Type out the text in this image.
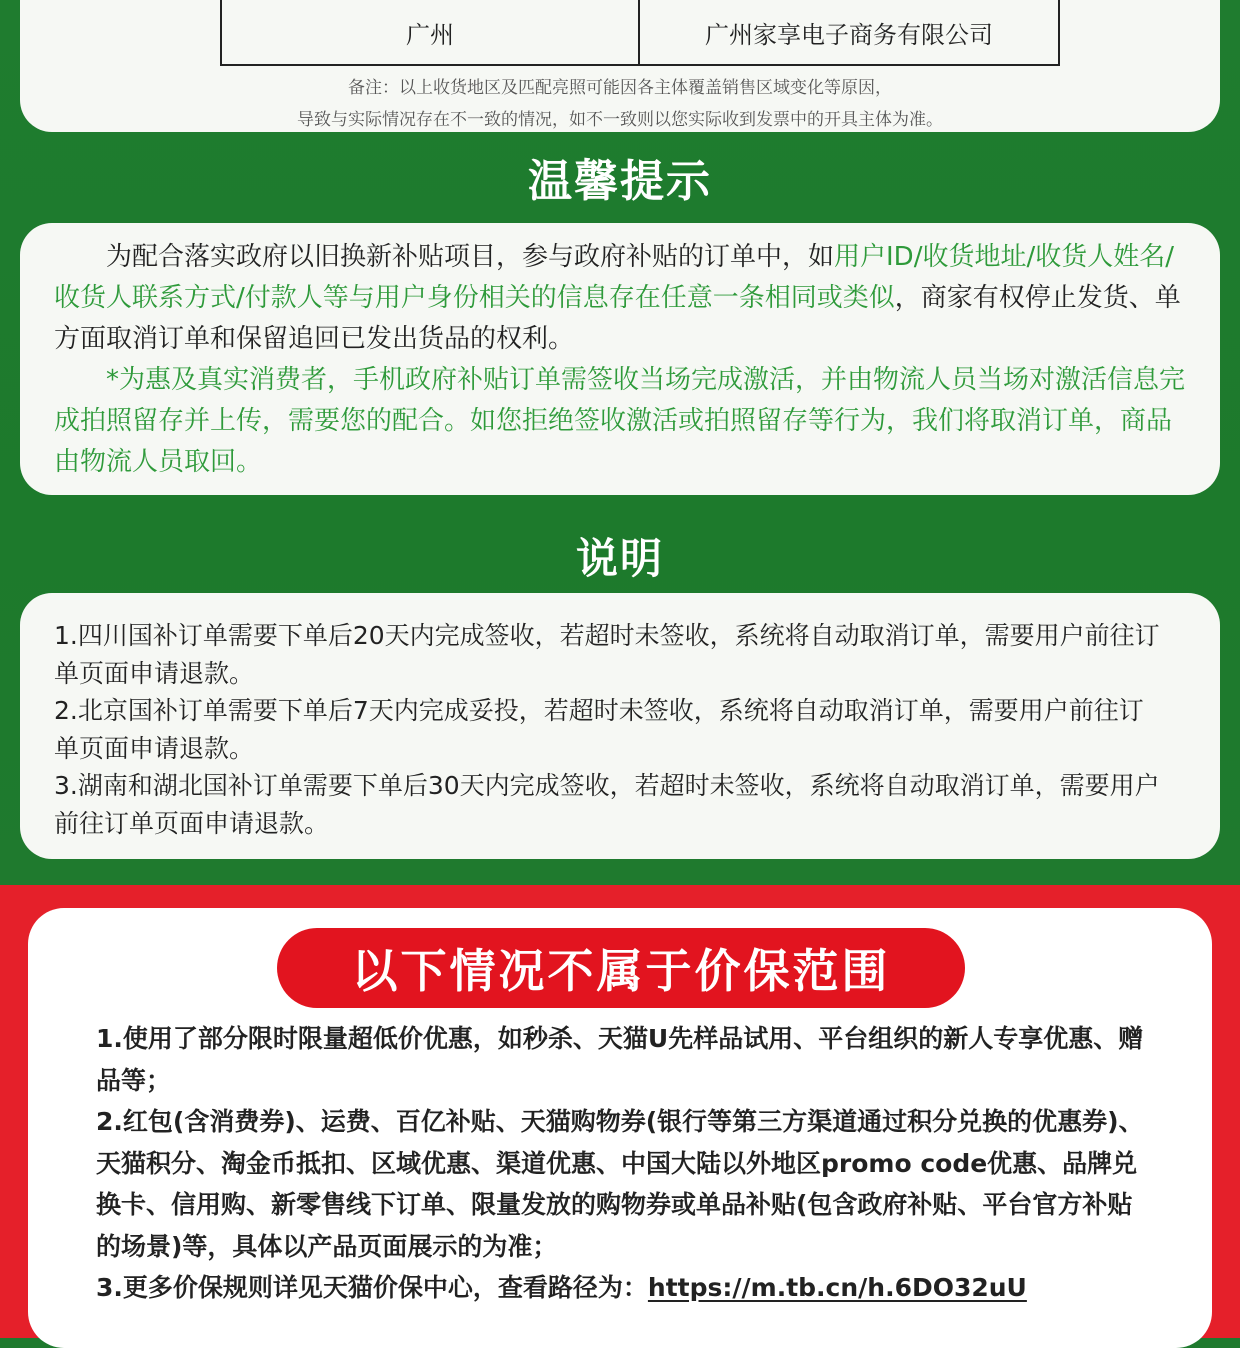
广州	广州家享电子商务有限公司
备注：以上收货地区及匹配亮照可能因各主体覆盖销售区域变化等原因，
导致与实际情况存在不一致的情况，如不一致则以您实际收到发票中的开具主体为准。
温馨提示

为配合落实政府以旧换新补贴项目，参与政府补贴的订单中，如用户ID/收货地址/收货人姓名/收货人联系方式/付款人等与用户身份相关的信息存在任意一条相同或类似，商家有权停止发货、单方面取消订单和保留追回已发出货品的权利。

*为惠及真实消费者，手机政府补贴订单需签收当场完成激活，并由物流人员当场对激活信息完成拍照留存并上传，需要您的配合。如您拒绝签收激活或拍照留存等行为，我们将取消订单，商品由物流人员取回。

说明

1.四川国补订单需要下单后20天内完成签收，若超时未签收，系统将自动取消订单，需要用户前往订单页面申请退款。

2.北京国补订单需要下单后7天内完成妥投，若超时未签收，系统将自动取消订单，需要用户前往订单页面申请退款。

3.湖南和湖北国补订单需要下单后30天内完成签收，若超时未签收，系统将自动取消订单，需要用户前往订单页面申请退款。

以下情况不属于价保范围

1.使用了部分限时限量超低价优惠，如秒杀、天猫U先样品试用、平台组织的新人专享优惠、赠品等；

2.红包(含消费券)、运费、百亿补贴、天猫购物券(银行等第三方渠道通过积分兑换的优惠券)、天猫积分、淘金币抵扣、区域优惠、渠道优惠、中国大陆以外地区promo code优惠、品牌兑换卡、信用购、新零售线下订单、限量发放的购物券或单品补贴(包含政府补贴、平台官方补贴的场景)等，具体以产品页面展示的为准；

3.更多价保规则详见天猫价保中心，查看路径为：https://m.tb.cn/h.6DO32uU
